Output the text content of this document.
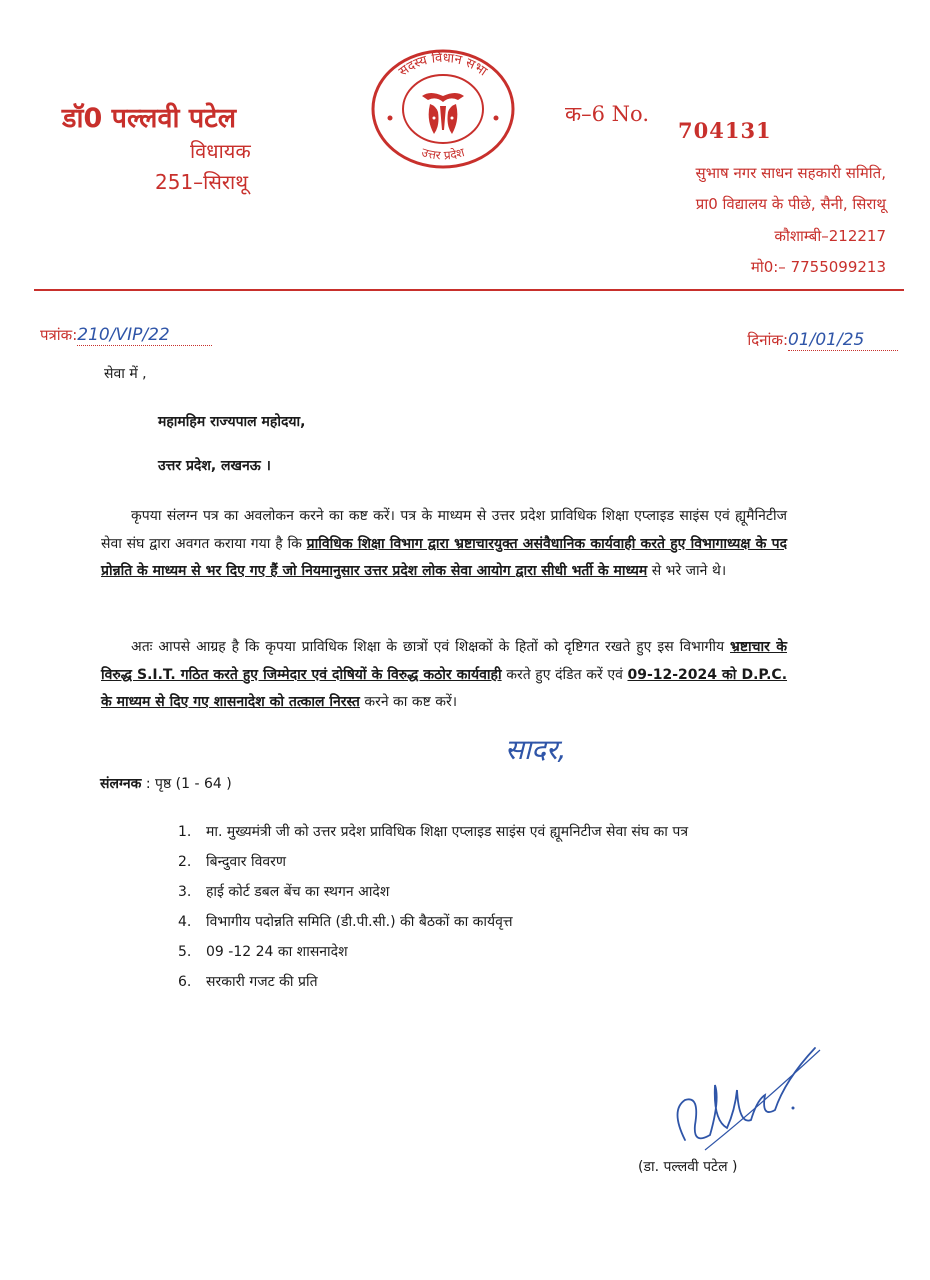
डॉ0 पल्लवी पटेल
विधायक
251–सिराथू
सदस्य विधान सभा
उत्तर प्रदेश
क–6 No.
704131
सुभाष नगर साधन सहकारी समिति,
प्रा0 विद्यालय के पीछे, सैनी, सिराथू
कौशाम्बी–212217
मो0:– 7755099213
पत्रांक:210/VIP/22	दिनांक:01/01/25
सेवा में ,
महामहिम राज्यपाल महोदया,
उत्तर प्रदेश, लखनऊ ।
कृपया संलग्न पत्र का अवलोकन करने का कष्ट करें। पत्र के माध्यम से उत्तर प्रदेश प्राविधिक शिक्षा एप्लाइड साइंस एवं ह्यूमैनिटीज सेवा संघ द्वारा अवगत कराया गया है कि प्राविधिक शिक्षा विभाग द्वारा भ्रष्टाचारयुक्त असंवैधानिक कार्यवाही करते हुए विभागाध्यक्ष के पद प्रोन्नति के माध्यम से भर दिए गए हैं जो नियमानुसार उत्तर प्रदेश लोक सेवा आयोग द्वारा सीधी भर्ती के माध्यम से भरे जाने थे।
अतः आपसे आग्रह है कि कृपया प्राविधिक शिक्षा के छात्रों एवं शिक्षकों के हितों को दृष्टिगत रखते हुए इस विभागीय भ्रष्टाचार के विरुद्ध S.I.T. गठित करते हुए जिम्मेदार एवं दोषियों के विरुद्ध कठोर कार्यवाही करते हुए दंडित करें एवं 09-12-2024 को D.P.C. के माध्यम से दिए गए शासनादेश को तत्काल निरस्त करने का कष्ट करें।
सादर,
संलग्नक : पृष्ठ (1 - 64 )
1. मा. मुख्यमंत्री जी को उत्तर प्रदेश प्राविधिक शिक्षा एप्लाइड साइंस एवं ह्यूमनिटीज सेवा संघ का पत्र
2. बिन्दुवार विवरण
3. हाई कोर्ट डबल बेंच का स्थगन आदेश
4. विभागीय पदोन्नति समिति (डी.पी.सी.) की बैठकों का कार्यवृत्त
5. 09 -12 24 का शासनादेश
6. सरकारी गजट की प्रति
(डा. पल्लवी पटेल )
